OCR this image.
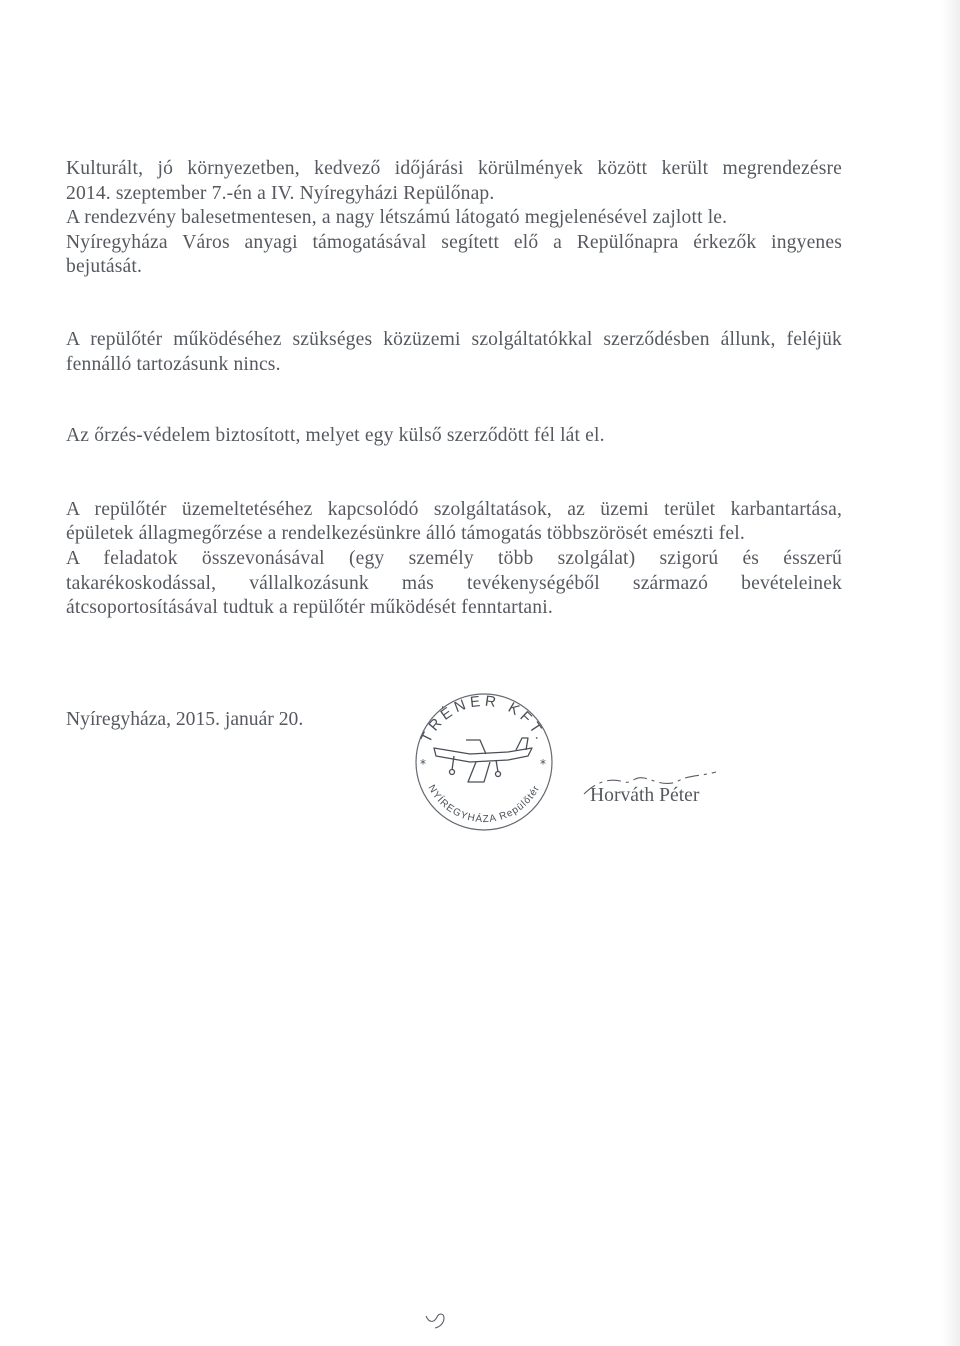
Kulturált, jó környezetben, kedvező időjárási körülmények között került megrendezésre
2014. szeptember 7.-én a IV. Nyíregyházi Repülőnap.
A rendezvény balesetmentesen, a nagy létszámú látogató megjelenésével zajlott le.
Nyíregyháza Város anyagi támogatásával segített elő a Repülőnapra érkezők ingyenes
bejutását.

A repülőtér működéséhez szükséges közüzemi szolgáltatókkal szerződésben állunk, feléjük
fennálló tartozásunk nincs.

Az őrzés-védelem biztosított, melyet egy külső szerződött fél lát el.

A repülőtér üzemeltetéséhez kapcsolódó szolgáltatások, az üzemi terület karbantartása,
épületek állagmegőrzése a rendelkezésünkre álló támogatás többszörösét emészti fel.
A feladatok összevonásával (egy személy több szolgálat) szigorú és ésszerű
takarékoskodással, vállalkozásunk más tevékenységéből származó bevételeinek
átcsoportosításával tudtuk a repülőtér működését fenntartani.

Nyíregyháza, 2015. január 20.
TRÉNER KFT.
NYÍREGYHÁZA Repülőtér
*	*
Horváth Péter
